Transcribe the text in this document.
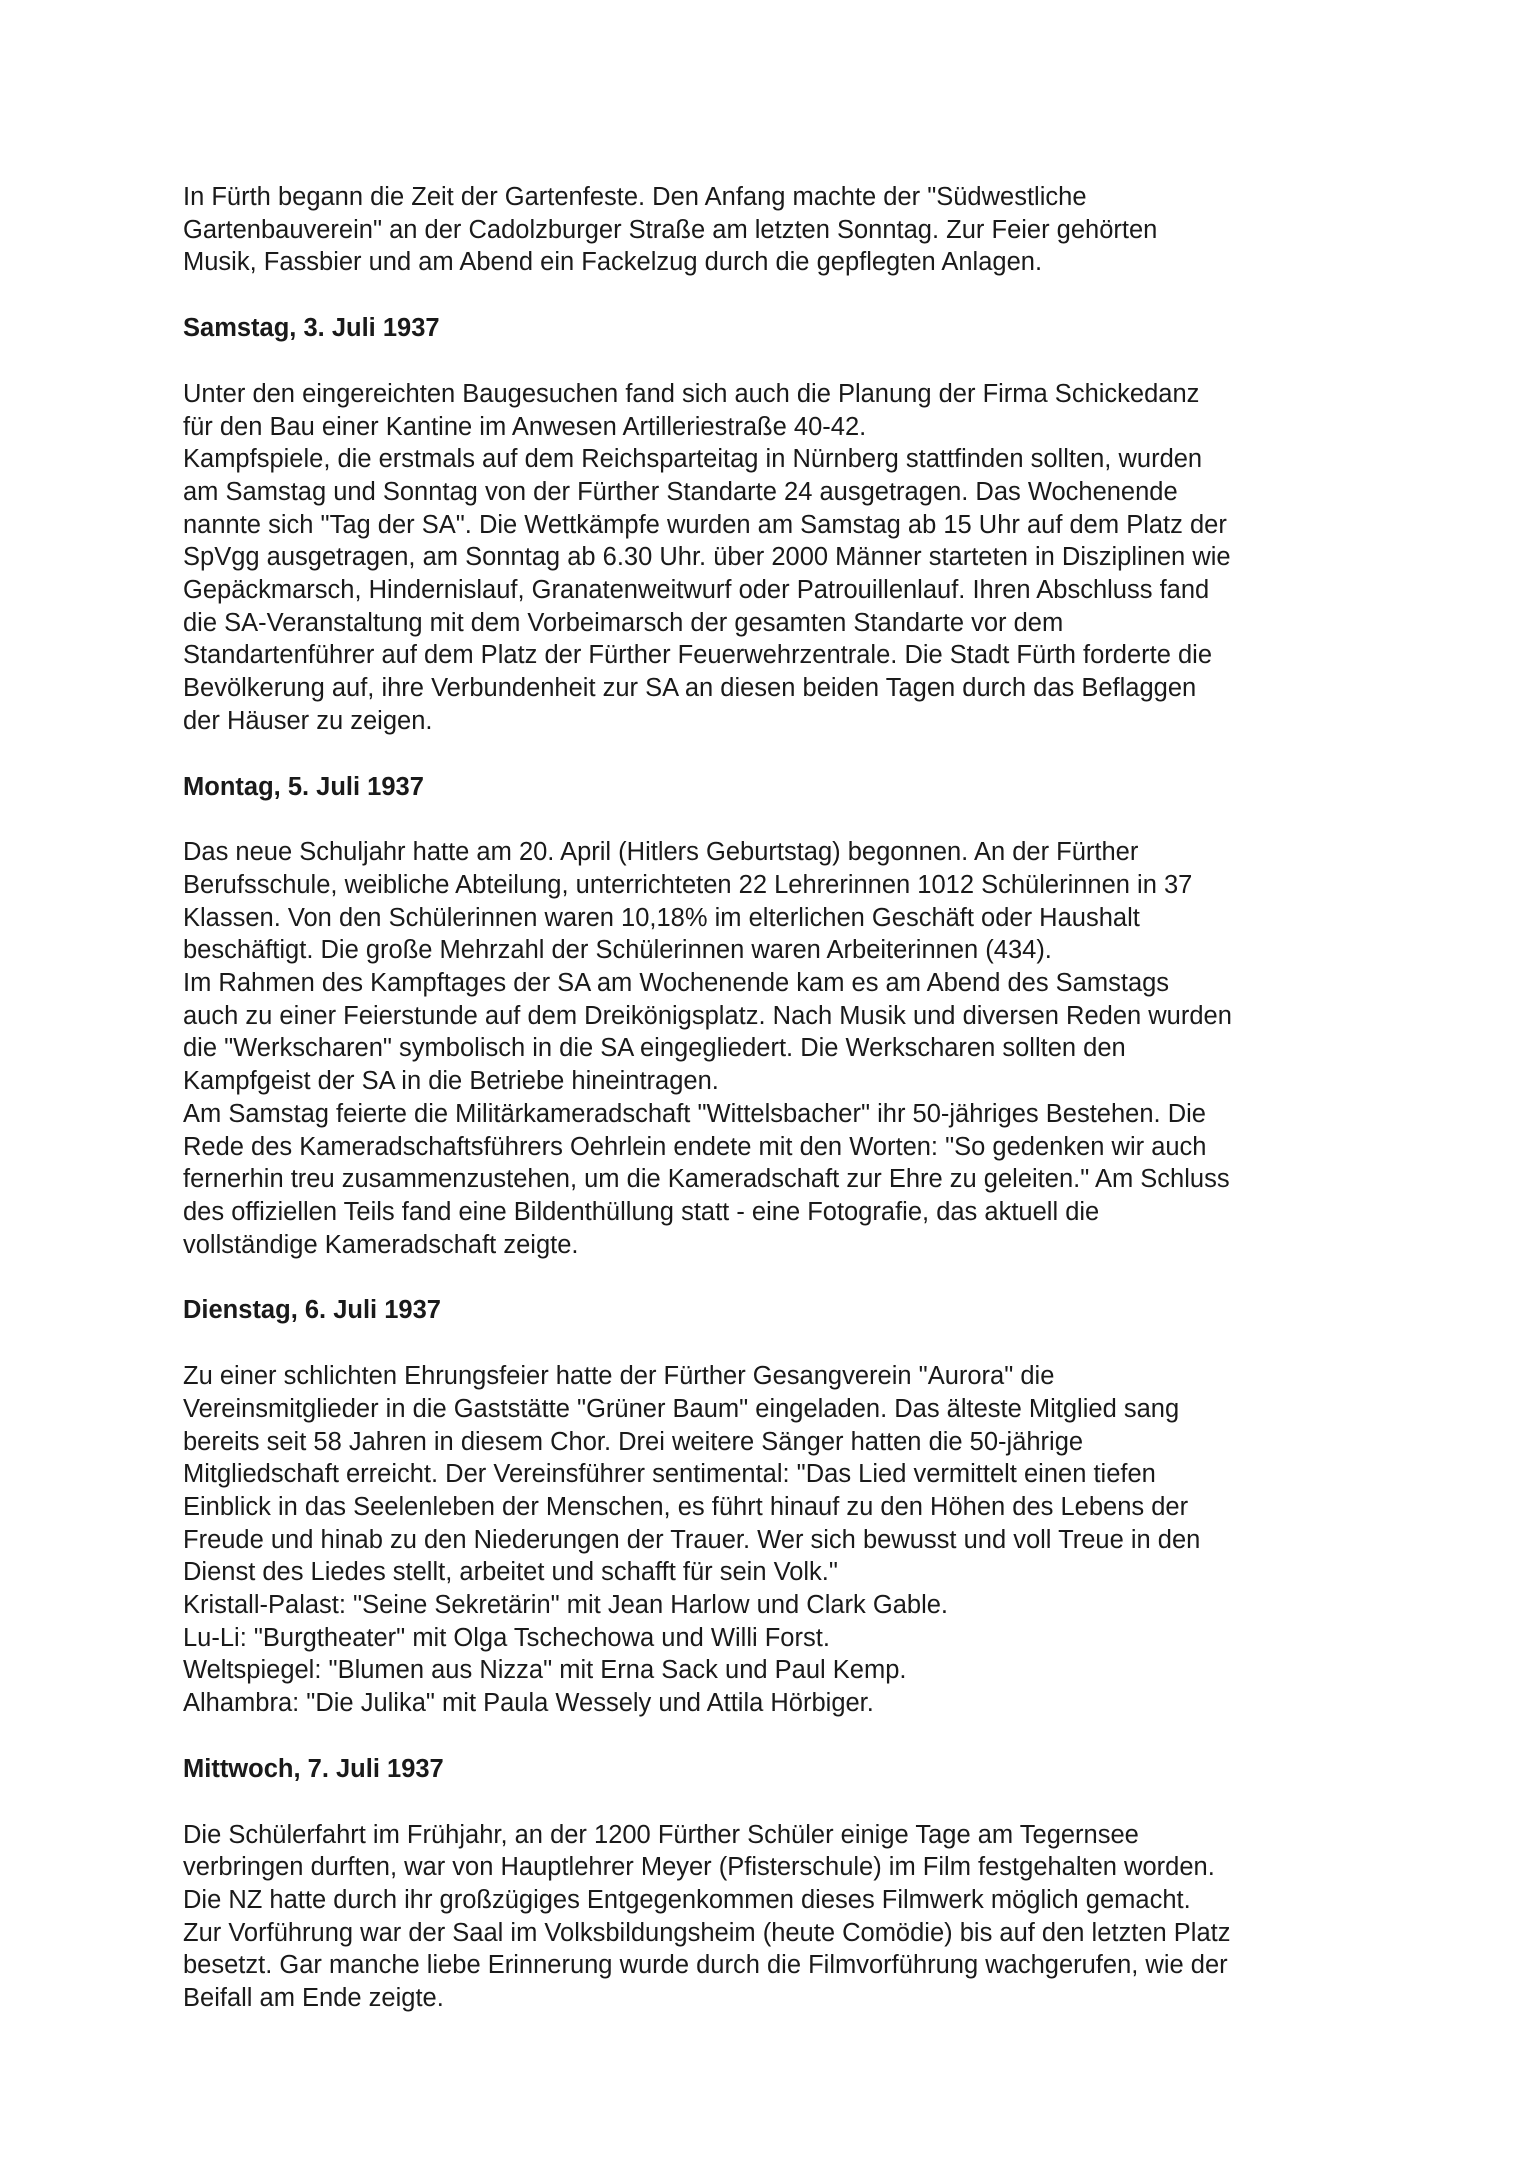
In Fürth begann die Zeit der Gartenfeste. Den Anfang machte der "Südwestliche
Gartenbauverein" an der Cadolzburger Straße am letzten Sonntag. Zur Feier gehörten
Musik, Fassbier und am Abend ein Fackelzug durch die gepflegten Anlagen.
Samstag, 3. Juli 1937
Unter den eingereichten Baugesuchen fand sich auch die Planung der Firma Schickedanz
für den Bau einer Kantine im Anwesen Artilleriestraße 40-42.
Kampfspiele, die erstmals auf dem Reichsparteitag in Nürnberg stattfinden sollten, wurden
am Samstag und Sonntag von der Fürther Standarte 24 ausgetragen. Das Wochenende
nannte sich "Tag der SA". Die Wettkämpfe wurden am Samstag ab 15 Uhr auf dem Platz der
SpVgg ausgetragen, am Sonntag ab 6.30 Uhr. über 2000 Männer starteten in Disziplinen wie
Gepäckmarsch, Hindernislauf, Granatenweitwurf oder Patrouillenlauf. Ihren Abschluss fand
die SA-Veranstaltung mit dem Vorbeimarsch der gesamten Standarte vor dem
Standartenführer auf dem Platz der Fürther Feuerwehrzentrale. Die Stadt Fürth forderte die
Bevölkerung auf, ihre Verbundenheit zur SA an diesen beiden Tagen durch das Beflaggen
der Häuser zu zeigen.
Montag, 5. Juli 1937
Das neue Schuljahr hatte am 20. April (Hitlers Geburtstag) begonnen. An der Fürther
Berufsschule, weibliche Abteilung, unterrichteten 22 Lehrerinnen 1012 Schülerinnen in 37
Klassen. Von den Schülerinnen waren 10,18% im elterlichen Geschäft oder Haushalt
beschäftigt. Die große Mehrzahl der Schülerinnen waren Arbeiterinnen (434).
Im Rahmen des Kampftages der SA am Wochenende kam es am Abend des Samstags
auch zu einer Feierstunde auf dem Dreikönigsplatz. Nach Musik und diversen Reden wurden
die "Werkscharen" symbolisch in die SA eingegliedert. Die Werkscharen sollten den
Kampfgeist der SA in die Betriebe hineintragen.
Am Samstag feierte die Militärkameradschaft "Wittelsbacher" ihr 50-jähriges Bestehen. Die
Rede des Kameradschaftsführers Oehrlein endete mit den Worten: "So gedenken wir auch
fernerhin treu zusammenzustehen, um die Kameradschaft zur Ehre zu geleiten." Am Schluss
des offiziellen Teils fand eine Bildenthüllung statt - eine Fotografie, das aktuell die
vollständige Kameradschaft zeigte.
Dienstag, 6. Juli 1937
Zu einer schlichten Ehrungsfeier hatte der Fürther Gesangverein "Aurora" die
Vereinsmitglieder in die Gaststätte "Grüner Baum" eingeladen. Das älteste Mitglied sang
bereits seit 58 Jahren in diesem Chor. Drei weitere Sänger hatten die 50-jährige
Mitgliedschaft erreicht. Der Vereinsführer sentimental: "Das Lied vermittelt einen tiefen
Einblick in das Seelenleben der Menschen, es führt hinauf zu den Höhen des Lebens der
Freude und hinab zu den Niederungen der Trauer. Wer sich bewusst und voll Treue in den
Dienst des Liedes stellt, arbeitet und schafft für sein Volk."
Kristall-Palast: "Seine Sekretärin" mit Jean Harlow und Clark Gable.
Lu-Li: "Burgtheater" mit Olga Tschechowa und Willi Forst.
Weltspiegel: "Blumen aus Nizza" mit Erna Sack und Paul Kemp.
Alhambra: "Die Julika" mit Paula Wessely und Attila Hörbiger.
Mittwoch, 7. Juli 1937
Die Schülerfahrt im Frühjahr, an der 1200 Fürther Schüler einige Tage am Tegernsee
verbringen durften, war von Hauptlehrer Meyer (Pfisterschule) im Film festgehalten worden.
Die NZ hatte durch ihr großzügiges Entgegenkommen dieses Filmwerk möglich gemacht.
Zur Vorführung war der Saal im Volksbildungsheim (heute Comödie) bis auf den letzten Platz
besetzt. Gar manche liebe Erinnerung wurde durch die Filmvorführung wachgerufen, wie der
Beifall am Ende zeigte.
